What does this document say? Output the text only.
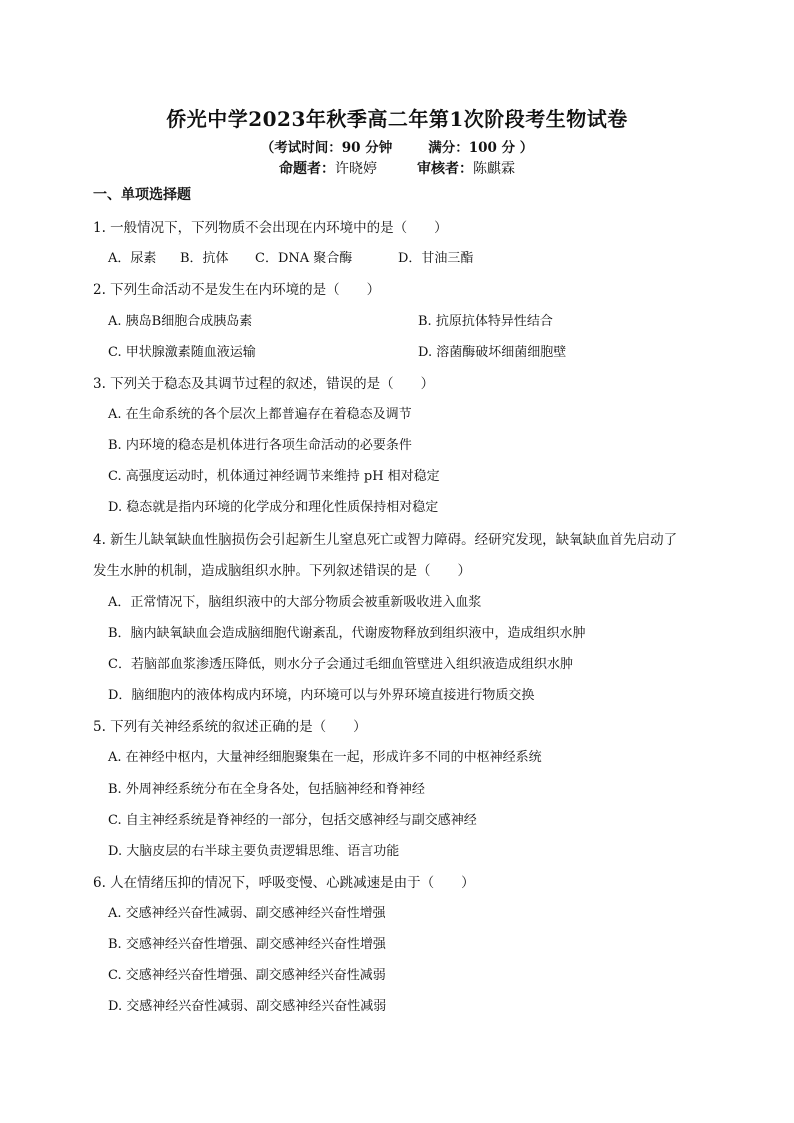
侨光中学2023年秋季高二年第1次阶段考生物试卷
（考试时间：90 分钟	满分：100 分 ）
命题者：许晓婷	审核者：陈麒霖
一、单项选择题
1. 一般情况下，下列物质不会出现在内环境中的是（　　）
A．尿素 B．抗体 C．DNA 聚合酶	D．甘油三酯
2. 下列生命活动不是发生在内环境的是（　　）
A. 胰岛B细胞合成胰岛素	B. 抗原抗体特异性结合
C. 甲状腺激素随血液运输	D. 溶菌酶破坏细菌细胞壁
3. 下列关于稳态及其调节过程的叙述，错误的是（　　）
A. 在生命系统的各个层次上都普遍存在着稳态及调节
B. 内环境的稳态是机体进行各项生命活动的必要条件
C. 高强度运动时，机体通过神经调节来维持 pH 相对稳定
D. 稳态就是指内环境的化学成分和理化性质保持相对稳定
4. 新生儿缺氧缺血性脑损伤会引起新生儿窒息死亡或智力障碍。经研究发现，缺氧缺血首先启动了
发生水肿的机制，造成脑组织水肿。下列叙述错误的是（　　）
A．正常情况下，脑组织液中的大部分物质会被重新吸收进入血浆
B．脑内缺氧缺血会造成脑细胞代谢紊乱，代谢废物释放到组织液中，造成组织水肿
C．若脑部血浆渗透压降低，则水分子会通过毛细血管壁进入组织液造成组织水肿
D．脑细胞内的液体构成内环境，内环境可以与外界环境直接进行物质交换
5. 下列有关神经系统的叙述正确的是（　　）
A. 在神经中枢内，大量神经细胞聚集在一起，形成许多不同的中枢神经系统
B. 外周神经系统分布在全身各处，包括脑神经和脊神经
C. 自主神经系统是脊神经的一部分，包括交感神经与副交感神经
D. 大脑皮层的右半球主要负责逻辑思维、语言功能
6. 人在情绪压抑的情况下，呼吸变慢、心跳减速是由于（　　）
A. 交感神经兴奋性减弱、副交感神经兴奋性增强
B. 交感神经兴奋性增强、副交感神经兴奋性增强
C. 交感神经兴奋性增强、副交感神经兴奋性减弱
D. 交感神经兴奋性减弱、副交感神经兴奋性减弱
